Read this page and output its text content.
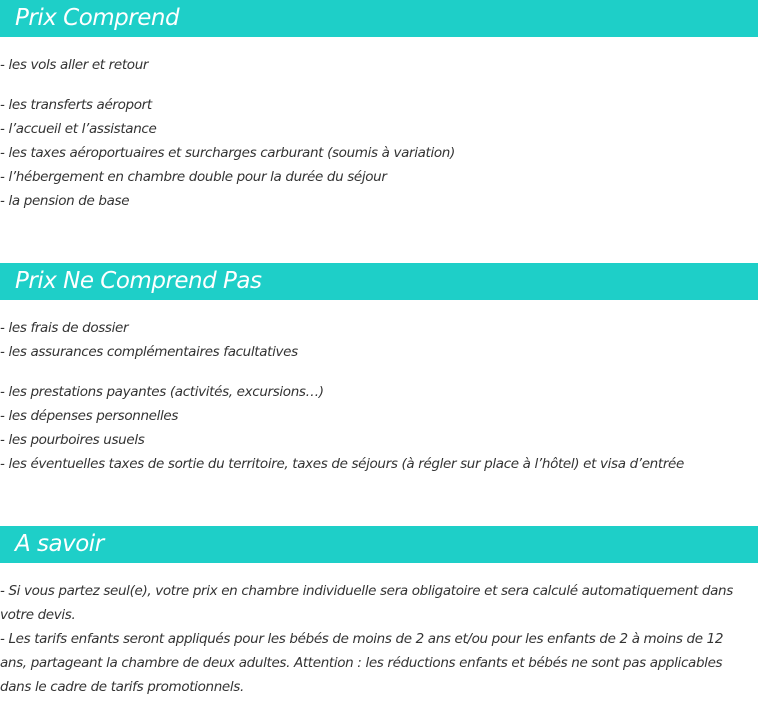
Prix Comprend
- les vols aller et retour
- les transferts aéroport
- l’accueil et l’assistance
- les taxes aéroportuaires et surcharges carburant (soumis à variation)
- l’hébergement en chambre double pour la durée du séjour
- la pension de base
Prix Ne Comprend Pas
- les frais de dossier
- les assurances complémentaires facultatives
- les prestations payantes (activités, excursions…)
- les dépenses personnelles
- les pourboires usuels
- les éventuelles taxes de sortie du territoire, taxes de séjours (à régler sur place à l’hôtel) et visa d’entrée
A savoir

- Si vous partez seul(e), votre prix en chambre individuelle sera obligatoire et sera calculé automatiquement dans votre devis.

- Les tarifs enfants seront appliqués pour les bébés de moins de 2 ans et/ou pour les enfants de 2 à moins de 12 ans, partageant la chambre de deux adultes. Attention : les réductions enfants et bébés ne sont pas applicables dans le cadre de tarifs promotionnels.
